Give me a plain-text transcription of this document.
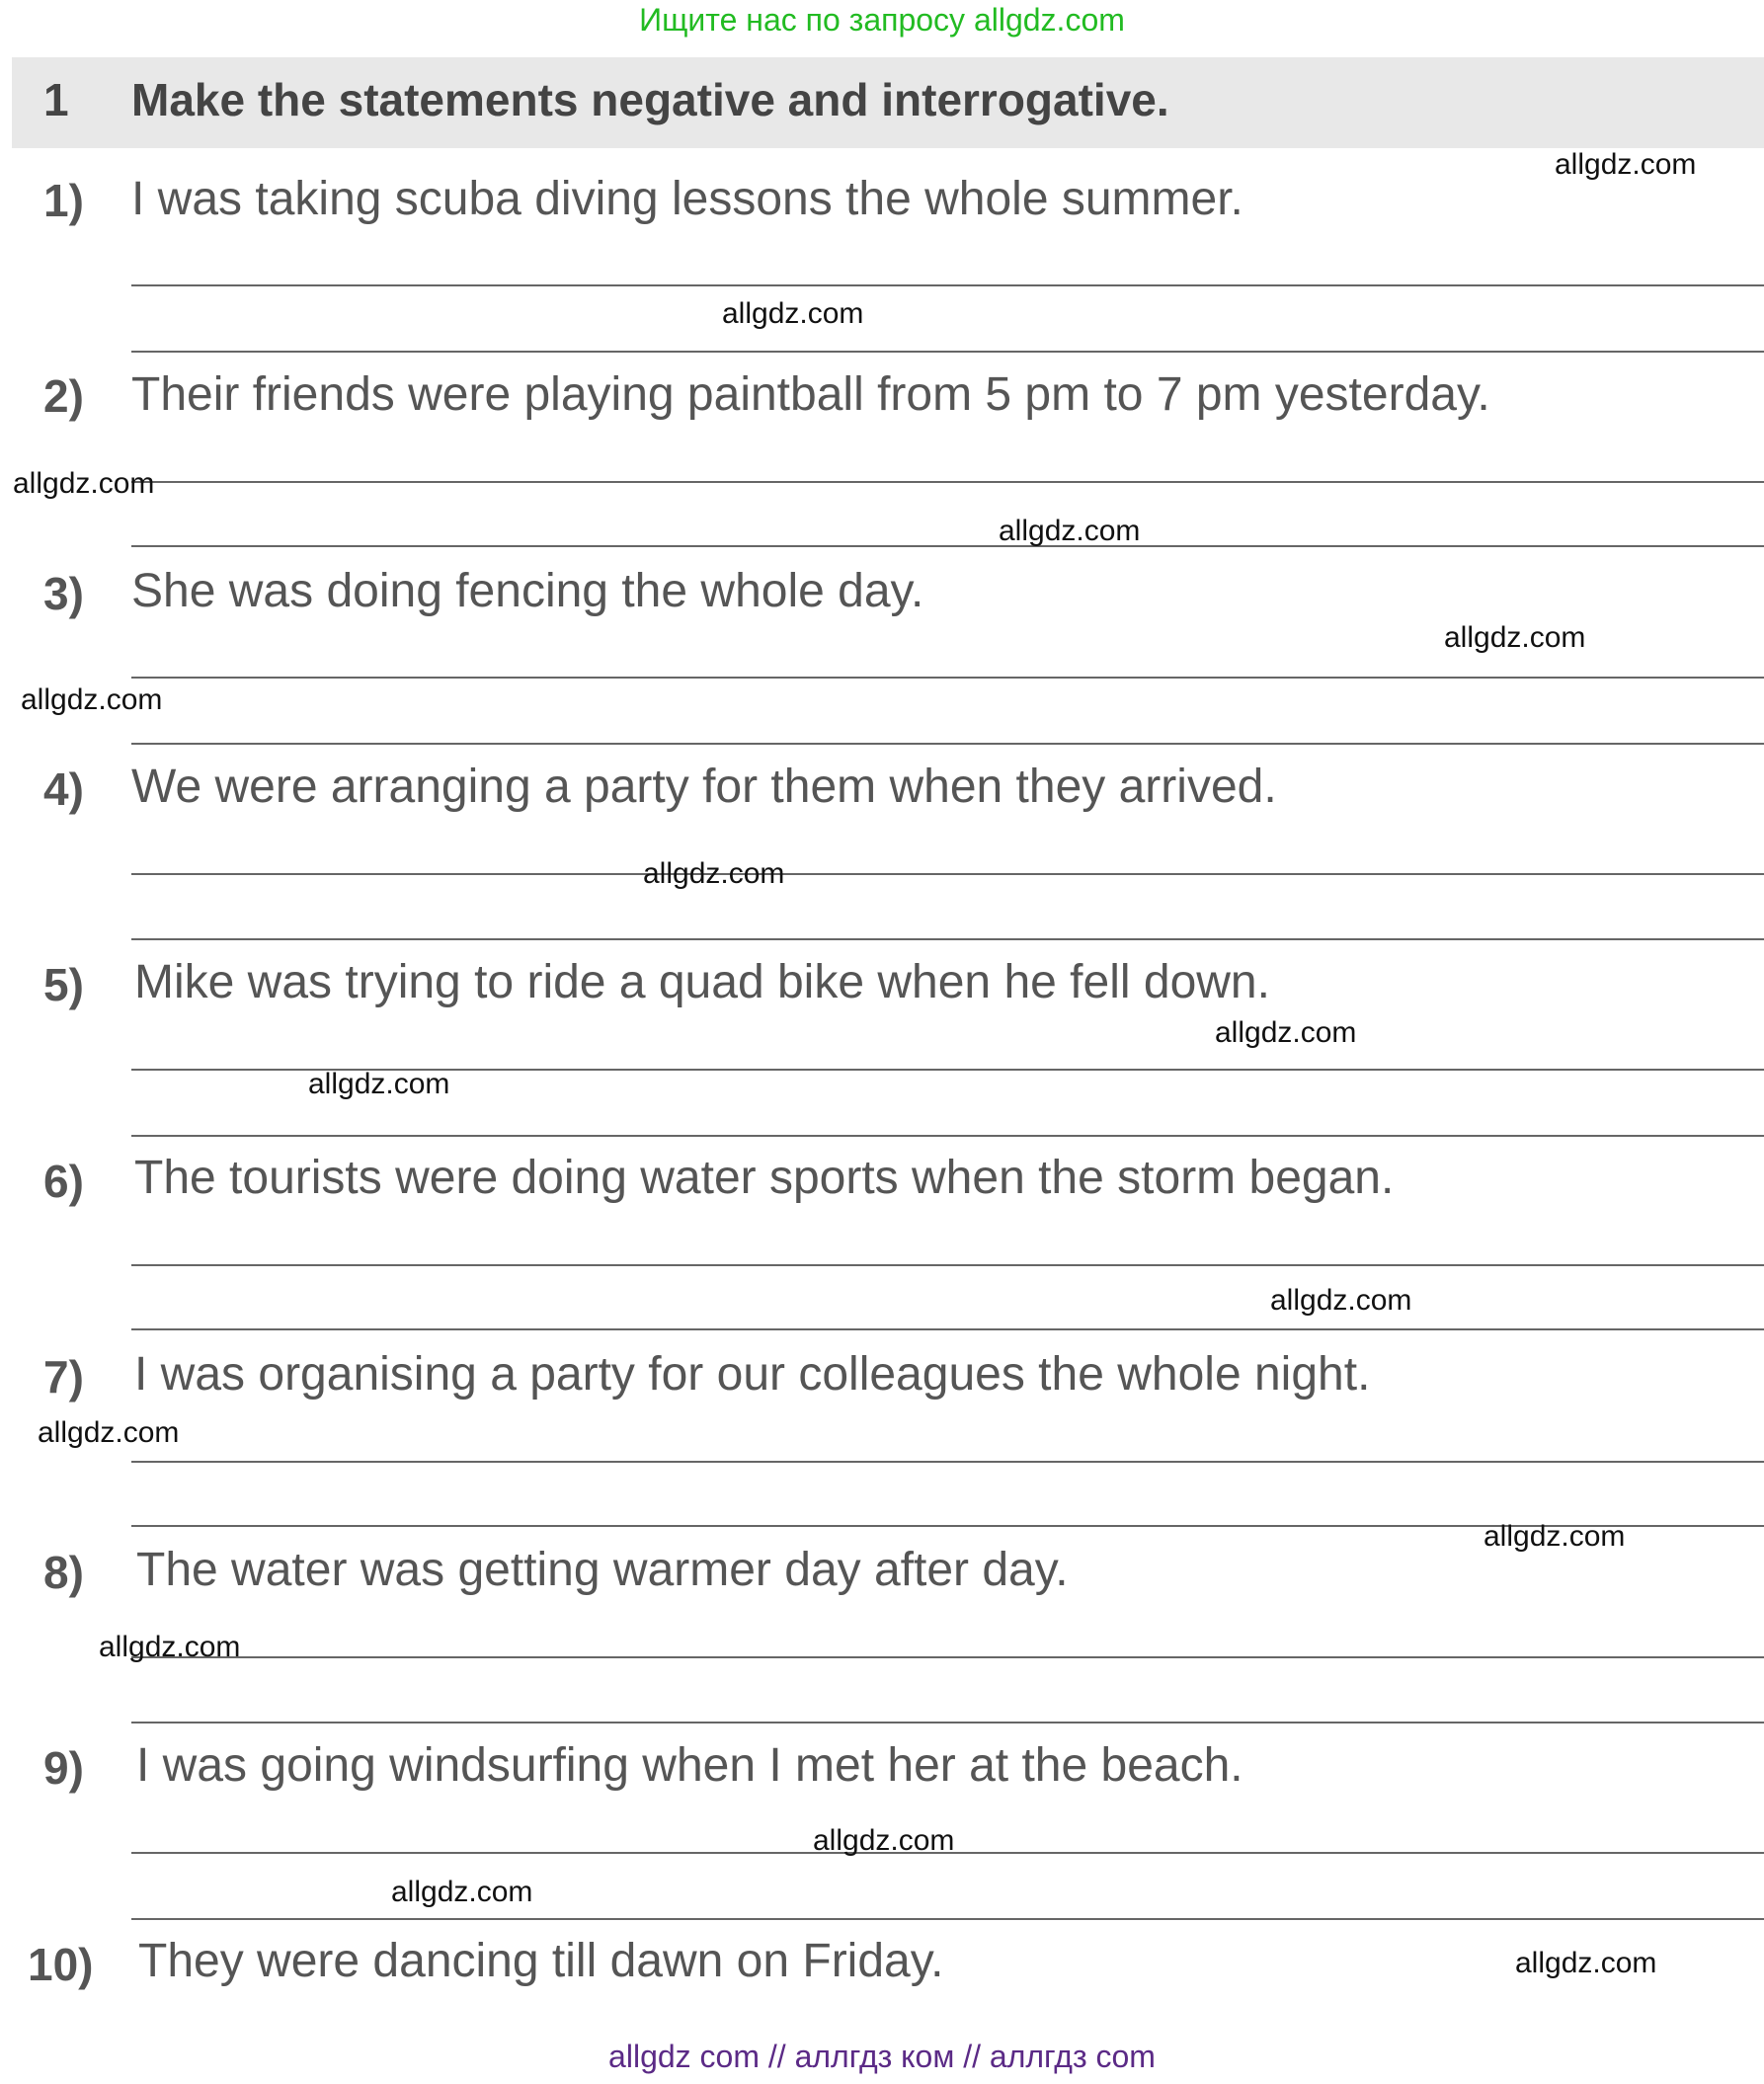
Ищите нас по запросу allgdz.com

1 Make the statements negative and interrogative.

1) I was taking scuba diving lessons the whole summer.
2) Their friends were playing paintball from 5 pm to 7 pm yesterday.
3) She was doing fencing the whole day.
4) We were arranging a party for them when they arrived.
5) Mike was trying to ride a quad bike when he fell down.
6) The tourists were doing water sports when the storm began.
7) I was organising a party for our colleagues the whole night.
8) The water was getting warmer day after day.
9) I was going windsurfing when I met her at the beach.
10) They were dancing till dawn on Friday.
allgdz.com
allgdz.com
allgdz.com
allgdz.com
allgdz.com
allgdz.com
allgdz.com
allgdz.com
allgdz.com
allgdz.com
allgdz.com
allgdz.com
allgdz.com
allgdz.com
allgdz.com
allgdz.com

allgdz com // аллгдз ком // аллгдз com
